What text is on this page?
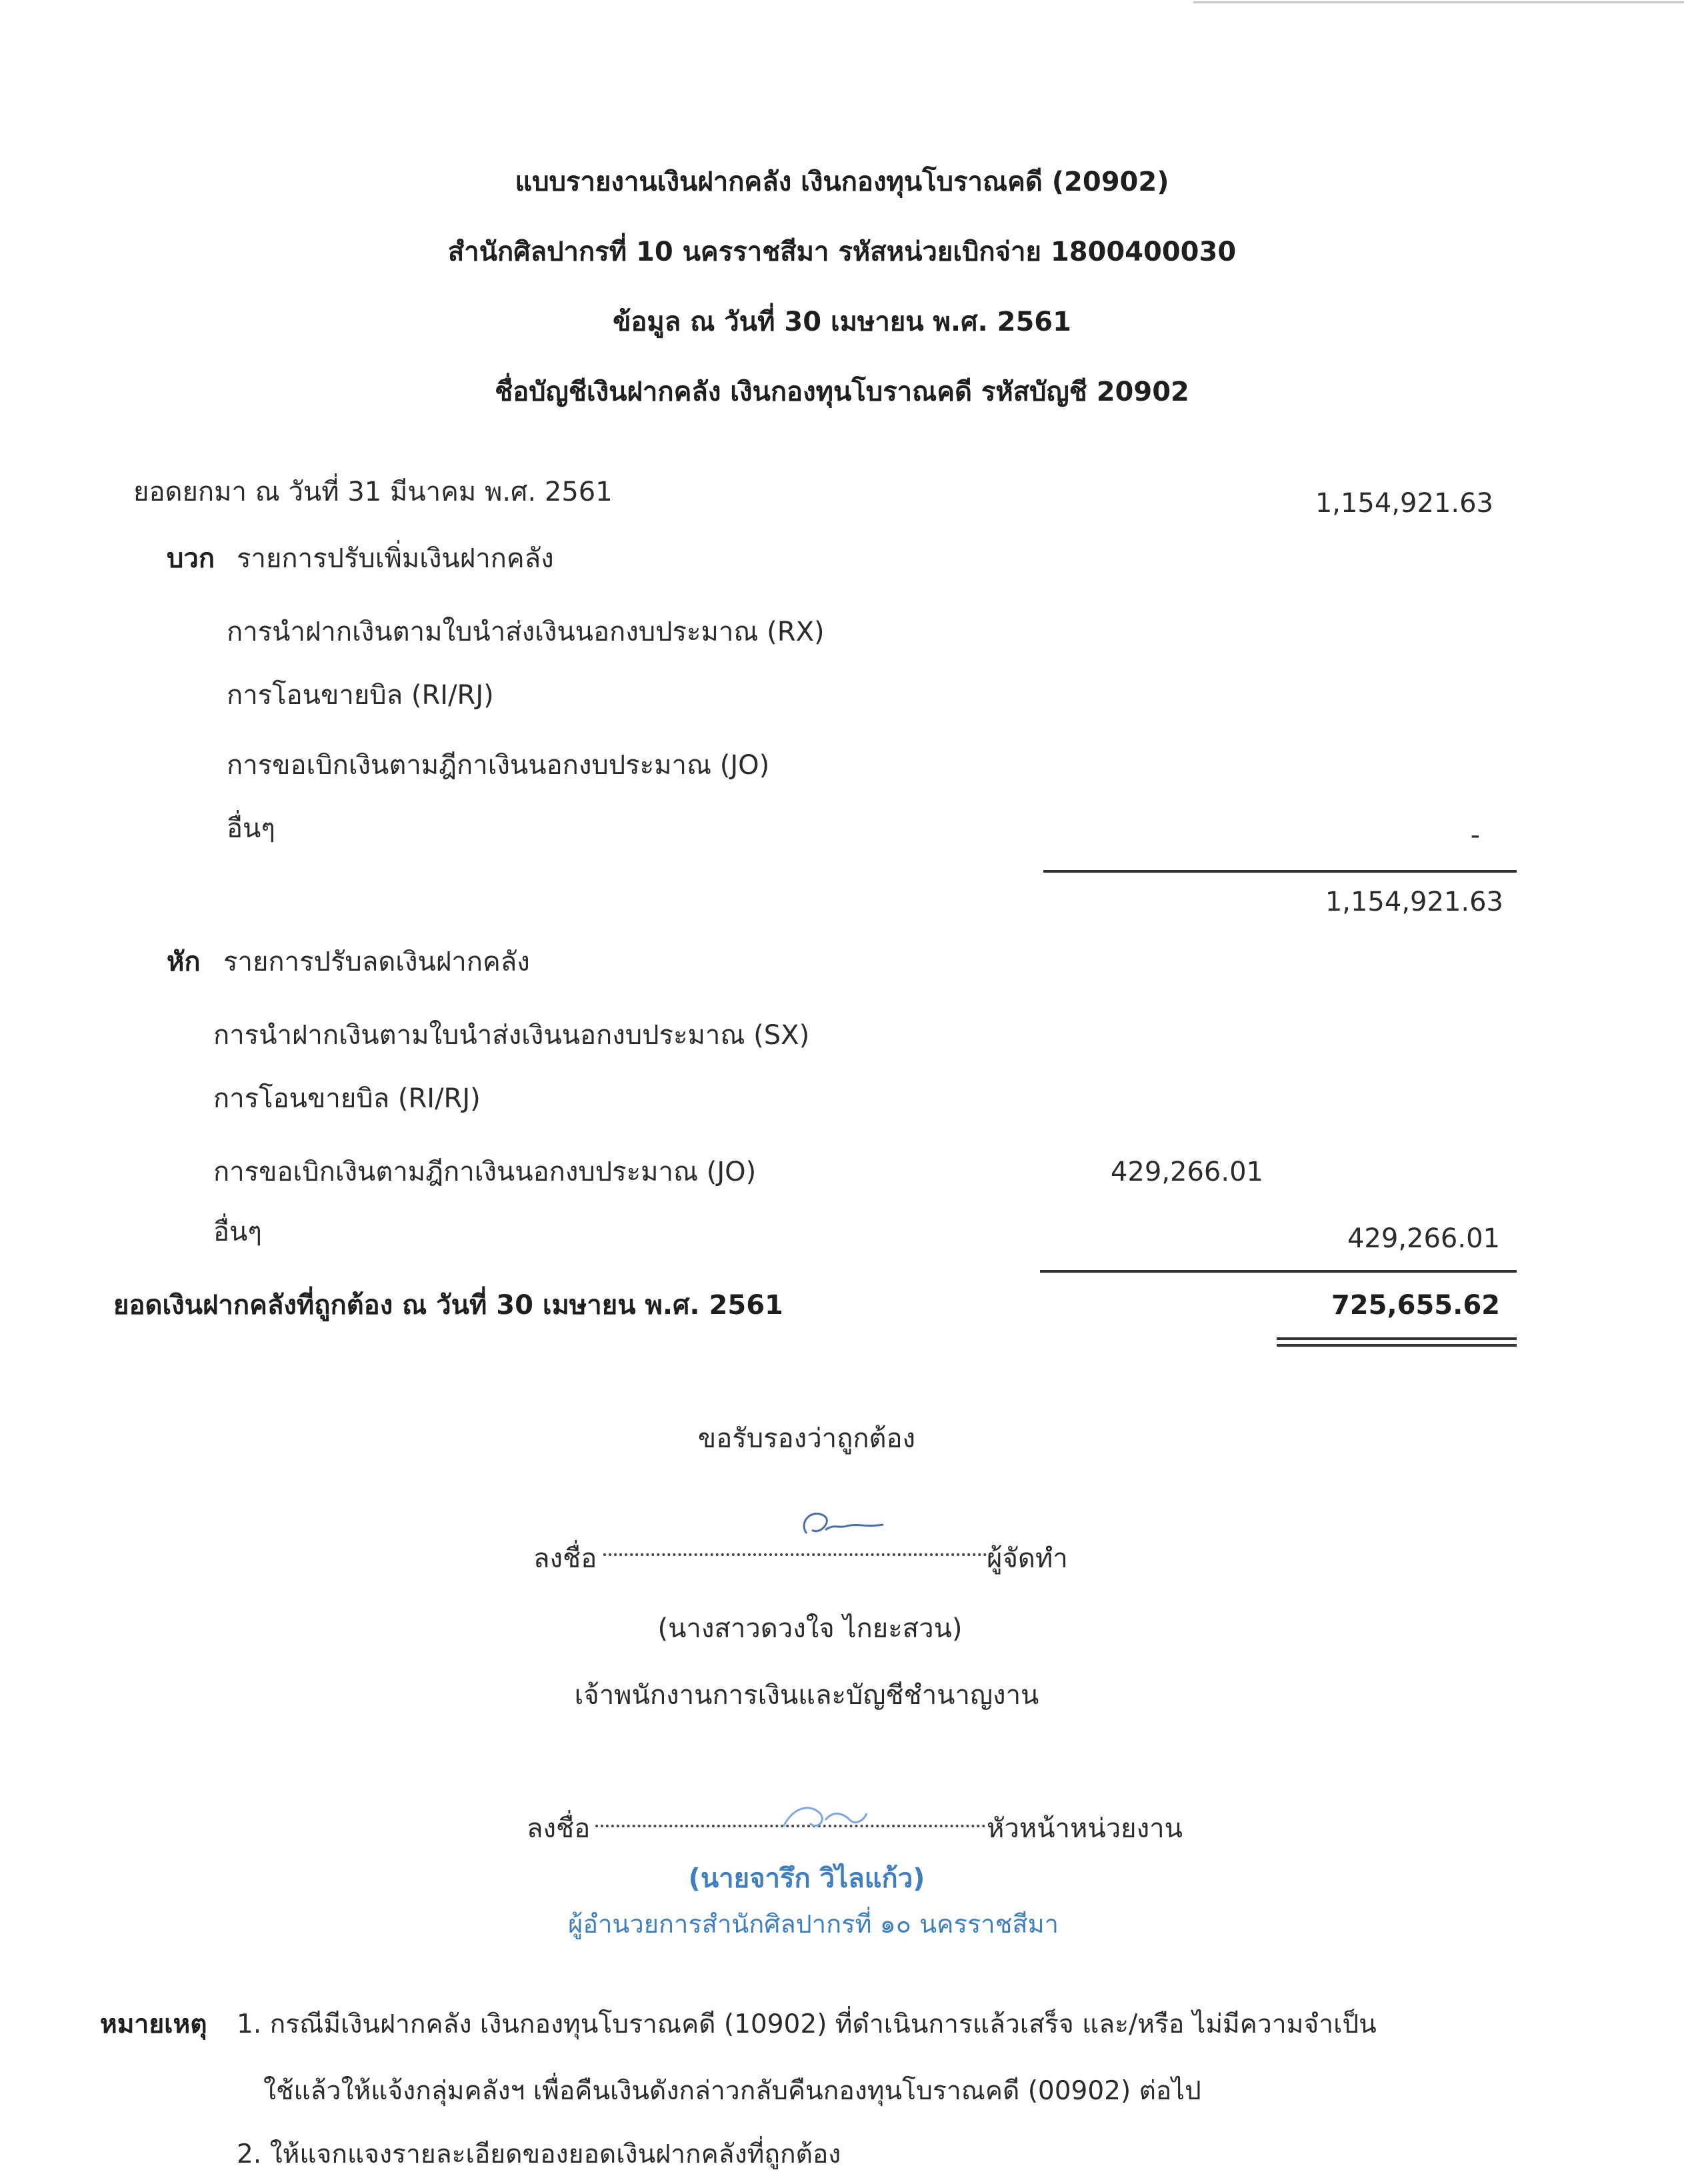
แบบรายงานเงินฝากคลัง เงินกองทุนโบราณคดี (20902)
สำนักศิลปากรที่ 10 นครราชสีมา รหัสหน่วยเบิกจ่าย 1800400030
ข้อมูล ณ วันที่ 30 เมษายน พ.ศ. 2561
ชื่อบัญชีเงินฝากคลัง เงินกองทุนโบราณคดี รหัสบัญชี 20902
ยอดยกมา ณ วันที่ 31 มีนาคม พ.ศ. 2561	1,154,921.63
บวก รายการปรับเพิ่มเงินฝากคลัง
การนำฝากเงินตามใบนำส่งเงินนอกงบประมาณ (RX)
การโอนขายบิล (RI/RJ)
การขอเบิกเงินตามฎีกาเงินนอกงบประมาณ (JO)
อื่นๆ	-
1,154,921.63
หัก รายการปรับลดเงินฝากคลัง
การนำฝากเงินตามใบนำส่งเงินนอกงบประมาณ (SX)
การโอนขายบิล (RI/RJ)
การขอเบิกเงินตามฎีกาเงินนอกงบประมาณ (JO)	429,266.01
อื่นๆ	429,266.01
ยอดเงินฝากคลังที่ถูกต้อง ณ วันที่ 30 เมษายน พ.ศ. 2561	725,655.62
ขอรับรองว่าถูกต้อง
ลงชื่อ	ผู้จัดทำ
(นางสาวดวงใจ ไกยะสวน)
เจ้าพนักงานการเงินและบัญชีชำนาญงาน
ลงชื่อ	หัวหน้าหน่วยงาน
(นายจารึก วิไลแก้ว)
ผู้อำนวยการสำนักศิลปากรที่ ๑๐ นครราชสีมา
หมายเหตุ 1. กรณีมีเงินฝากคลัง เงินกองทุนโบราณคดี (10902) ที่ดำเนินการแล้วเสร็จ และ/หรือ ไม่มีความจำเป็น
ใช้แล้วให้แจ้งกลุ่มคลังฯ เพื่อคืนเงินดังกล่าวกลับคืนกองทุนโบราณคดี (00902) ต่อไป
2. ให้แจกแจงรายละเอียดของยอดเงินฝากคลังที่ถูกต้อง
